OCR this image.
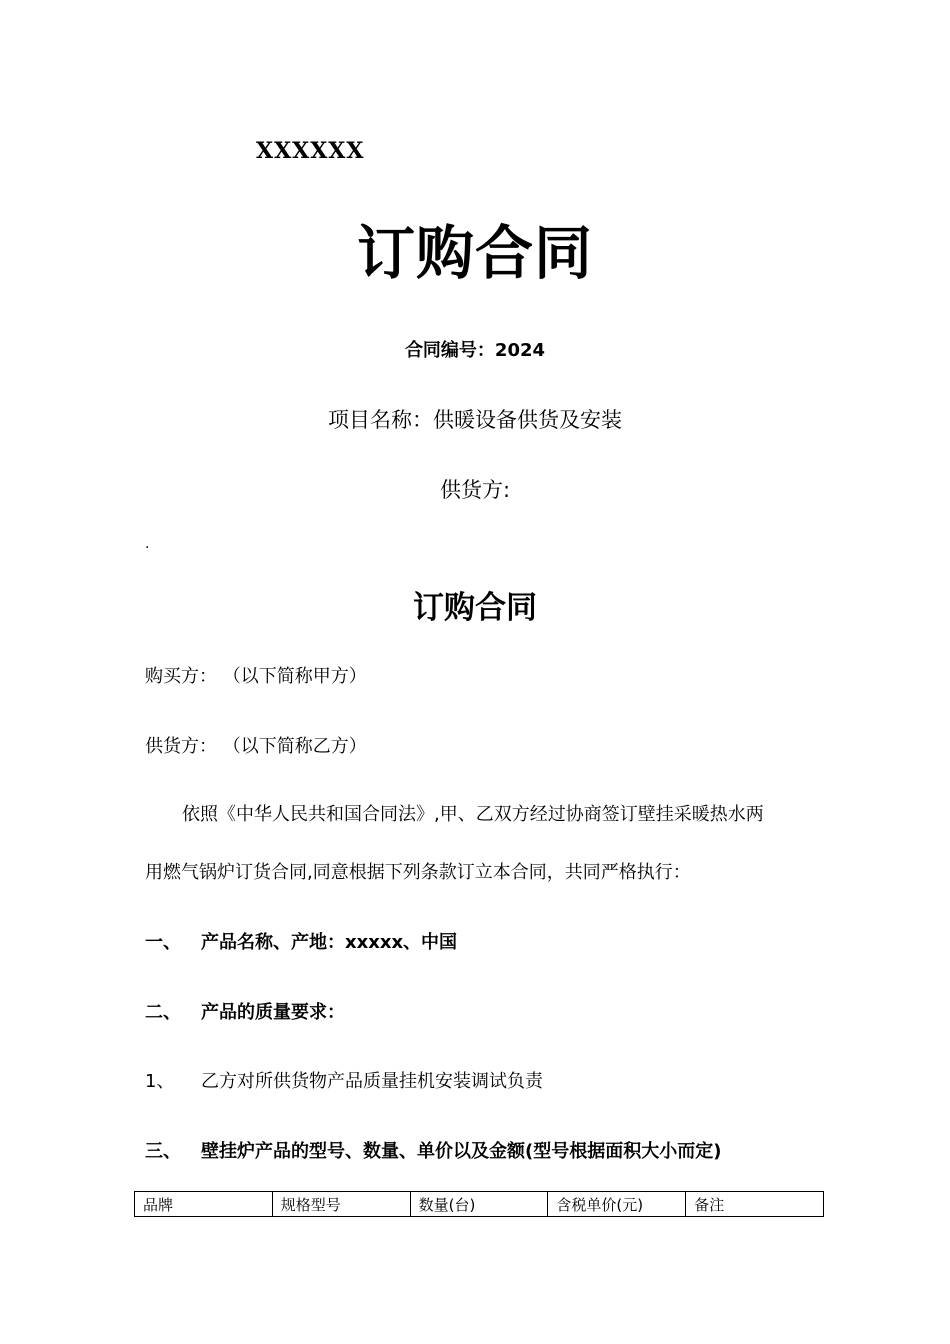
XXXXXX
订购合同
合同编号：2024
项目名称：供暖设备供货及安装
供货方:
.
订购合同
购买方： （以下简称甲方）
供货方： （以下简称乙方）
依照《中华人民共和国合同法》,甲、乙双方经过协商签订壁挂采暖热水两
用燃气锅炉订货合同,同意根据下列条款订立本合同，共同严格执行：
一、 产品名称、产地：xxxxx、中国
二、 产品的质量要求：
1、 乙方对所供货物产品质量挂机安装调试负责
三、 壁挂炉产品的型号、数量、单价以及金额(型号根据面积大小而定)
品牌	规格型号	数量(台)	含税单价(元)	备注
